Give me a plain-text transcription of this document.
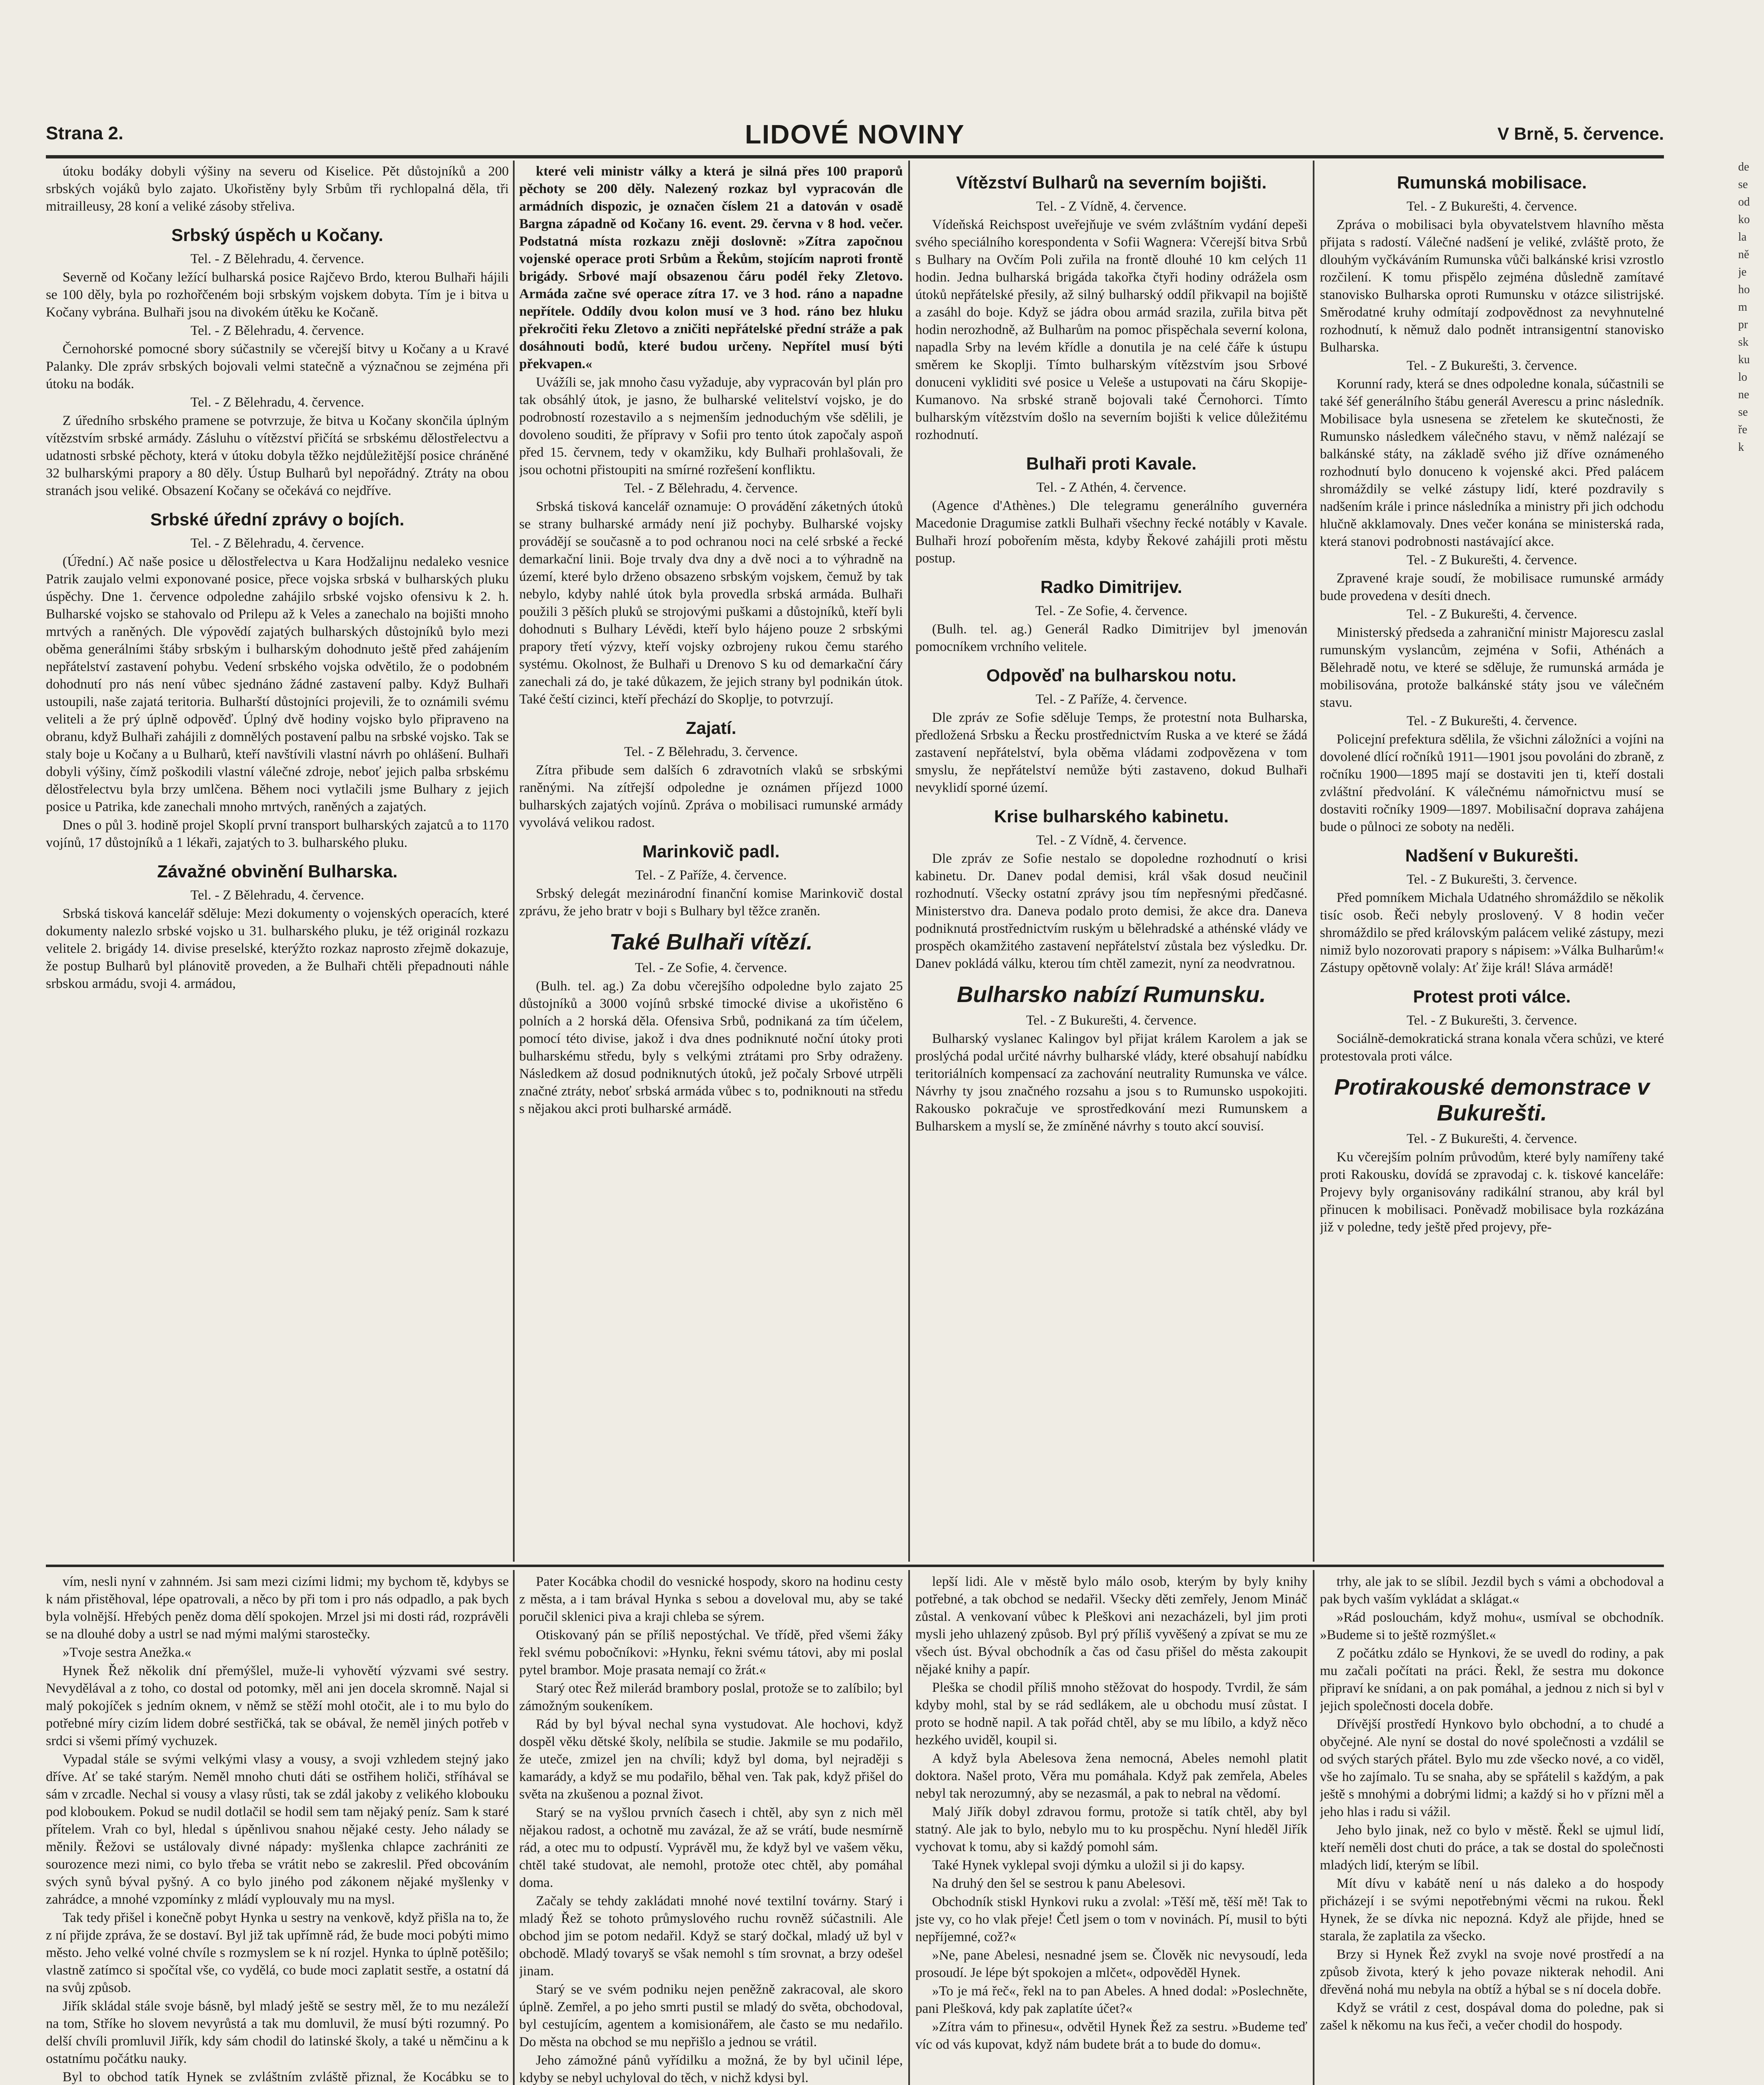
Strana 2.	LIDOVÉ NOVINY	V Brně, 5. července.

útoku bodáky dobyli výšiny na severu od Kiselice. Pět důstojníků a 200 srbských vojáků bylo zajato. Ukořistěny byly Srbům tři rychlopalná děla, tři mitrailleusy, 28 koní a veliké zásoby střeliva.

Srbský úspěch u Kočany.

Tel. - Z Bělehradu, 4. července.

Severně od Kočany ležící bulharská posice Rajčevo Brdo, kterou Bulhaři hájili se 100 děly, byla po rozhořčeném boji srbským vojskem dobyta. Tím je i bitva u Kočany vybrána. Bulhaři jsou na divokém útěku ke Kočaně.

Tel. - Z Bělehradu, 4. července.

Černohorské pomocné sbory súčastnily se včerejší bitvy u Kočany a u Kravé Palanky. Dle zpráv srbských bojovali velmi statečně a význačnou se zejména při útoku na bodák.

Tel. - Z Bělehradu, 4. července.

Z úředního srbského pramene se potvrzuje, že bitva u Kočany skončila úplným vítězstvím srbské armády. Zásluhu o vítězství přičítá se srbskému dělostřelectvu a udatnosti srbské pěchoty, která v útoku dobyla těžko nejdůležitější posice chráněné 32 bulharskými prapory a 80 děly. Ústup Bulharů byl nepořádný. Ztráty na obou stranách jsou veliké. Obsazení Kočany se očekává co nejdříve.

Srbské úřední zprávy o bojích.

Tel. - Z Bělehradu, 4. července.

(Úřední.) Ač naše posice u dělostřelectva u Kara Hodžalijnu nedaleko vesnice Patrik zaujalo velmi exponované posice, přece vojska srbská v bulharských pluku úspěchy. Dne 1. července odpoledne zahájilo srbské vojsko ofensivu k 2. h. Bulharské vojsko se stahovalo od Prilepu až k Veles a zanechalo na bojišti mnoho mrtvých a raněných. Dle výpovědí zajatých bulharských důstojníků bylo mezi oběma generálními štáby srbským i bulharským dohodnuto ještě před zahájením nepřátelství zastavení pohybu. Vedení srbského vojska odvětilo, že o podobném dohodnutí pro nás není vůbec sjednáno žádné zastavení palby. Když Bulhaři ustoupili, naše zajatá teritoria. Bulharští důstojníci projevili, že to oznámili svému veliteli a že prý úplně odpověď. Úplný dvě hodiny vojsko bylo připraveno na obranu, když Bulhaři zahájili z domnělých postavení palbu na srbské vojsko. Tak se staly boje u Kočany a u Bulharů, kteří navštívili vlastní návrh po ohlášení. Bulhaři dobyli výšiny, čímž poškodili vlastní válečné zdroje, neboť jejich palba srbskému dělostřelectvu byla brzy umlčena. Během noci vytlačili jsme Bulhary z jejich posice u Patrika, kde zanechali mnoho mrtvých, raněných a zajatých.

Dnes o půl 3. hodině projel Skoplí první transport bulharských zajatců a to 1170 vojínů, 17 důstojníků a 1 lékaři, zajatých to 3. bulharského pluku.

Závažné obvinění Bulharska.

Tel. - Z Bělehradu, 4. července.

Srbská tisková kancelář sděluje: Mezi dokumenty o vojenských operacích, které dokumenty nalezlo srbské vojsko u 31. bulharského pluku, je též originál rozkazu velitele 2. brigády 14. divise preselské, kterýžto rozkaz naprosto zřejmě dokazuje, že postup Bulharů byl plánovitě proveden, a že Bulhaři chtěli přepadnouti náhle srbskou armádu, svoji 4. armádou,

které veli ministr války a která je silná přes 100 praporů pěchoty se 200 děly. Nalezený rozkaz byl vypracován dle armádních dispozic, je označen číslem 21 a datován v osadě Bargna západně od Kočany 16. event. 29. června v 8 hod. večer. Podstatná místa rozkazu zněji doslovně: »Zítra započnou vojenské operace proti Srbům a Řekům, stojícím naproti frontě brigády. Srbové mají obsazenou čáru podél řeky Zletovo. Armáda začne své operace zítra 17. ve 3 hod. ráno a napadne nepřítele. Oddíly dvou kolon musí ve 3 hod. ráno bez hluku překročiti řeku Zletovo a zničiti nepřátelské přední stráže a pak dosáhnouti bodů, které budou určeny. Nepřítel musí býti překvapen.«

Uvážíli se, jak mnoho času vyžaduje, aby vypracován byl plán pro tak obsáhlý útok, je jasno, že bulharské velitelství vojsko, je do podrobností rozestavilo a s nejmenším jednoduchým vše sdělili, je dovoleno souditi, že přípravy v Sofii pro tento útok započaly aspoň před 15. červnem, tedy v okamžiku, kdy Bulhaři prohlašovali, že jsou ochotni přistoupiti na smírné rozřešení konfliktu.

Tel. - Z Bělehradu, 4. července.

Srbská tisková kancelář oznamuje: O provádění záketných útoků se strany bulharské armády není již pochyby. Bulharské vojsky provádějí se současně a to pod ochranou noci na celé srbské a řecké demarkační linii. Boje trvaly dva dny a dvě noci a to výhradně na území, které bylo drženo obsazeno srbským vojskem, čemuž by tak nebylo, kdyby nahlé útok byla provedla srbská armáda. Bulhaři použili 3 pěších pluků se strojovými puškami a důstojníků, kteří byli dohodnuti s Bulhary Lévědi, kteří bylo hájeno pouze 2 srbskými prapory třetí výzvy, kteří vojsky ozbrojeny rukou čemu starého systému. Okolnost, že Bulhaři u Drenovo S ku od demarkační čáry zanechali zá do, je také důkazem, že jejich strany byl podnikán útok. Také čeští cizinci, kteří přechází do Skoplje, to potvrzují.

Zajatí.

Tel. - Z Bělehradu, 3. července.

Zítra přibude sem dalších 6 zdravotních vlaků se srbskými raněnými. Na zítřejší odpoledne je oznámen příjezd 1000 bulharských zajatých vojínů. Zpráva o mobilisaci rumunské armády vyvolává velikou radost.

Marinkovič padl.

Tel. - Z Paříže, 4. července.

Srbský delegát mezinárodní finanční komise Marinkovič dostal zprávu, že jeho bratr v boji s Bulhary byl těžce zraněn.

Také Bulhaři vítězí.

Tel. - Ze Sofie, 4. července.

(Bulh. tel. ag.) Za dobu včerejšího odpoledne bylo zajato 25 důstojníků a 3000 vojínů srbské timocké divise a ukořistěno 6 polních a 2 horská děla. Ofensiva Srbů, podnikaná za tím účelem, pomocí této divise, jakož i dva dnes podniknuté noční útoky proti bulharskému středu, byly s velkými ztrátami pro Srby odraženy. Následkem až dosud podniknutých útoků, jež počaly Srbové utrpěli značné ztráty, neboť srbská armáda vůbec s to, podniknouti na středu s nějakou akci proti bulharské armádě.

Vítězství Bulharů na severním bojišti.

Tel. - Z Vídně, 4. července.

Vídeňská Reichspost uveřejňuje ve svém zvláštním vydání depeši svého speciálního korespondenta v Sofii Wagnera: Včerejší bitva Srbů s Bulhary na Ovčím Poli zuřila na frontě dlouhé 10 km celých 11 hodin. Jedna bulharská brigáda takořka čtyři hodiny odrážela osm útoků nepřátelské přesily, až silný bulharský oddíl přikvapil na bojiště a zasáhl do boje. Když se jádra obou armád srazila, zuřila bitva pět hodin nerozhodně, až Bulharům na pomoc přispěchala severní kolona, napadla Srby na levém křídle a donutila je na celé čáře k ústupu směrem ke Skoplji. Tímto bulharským vítězstvím jsou Srbové donuceni vykliditi své posice u Veleše a ustupovati na čáru Skopije-Kumanovo. Na srbské straně bojovali také Černohorci. Tímto bulharským vítězstvím došlo na severním bojišti k velice důležitému rozhodnutí.

Bulhaři proti Kavale.

Tel. - Z Athén, 4. července.

(Agence d'Athènes.) Dle telegramu generálního guvernéra Macedonie Dragumise zatkli Bulhaři všechny řecké notábly v Kavale. Bulhaři hrozí pobořením města, kdyby Řekové zahájili proti městu postup.

Radko Dimitrijev.

Tel. - Ze Sofie, 4. července.

(Bulh. tel. ag.) Generál Radko Dimitrijev byl jmenován pomocníkem vrchního velitele.

Odpověď na bulharskou notu.

Tel. - Z Paříže, 4. července.

Dle zpráv ze Sofie sděluje Temps, že protestní nota Bulharska, předložená Srbsku a Řecku prostřednictvím Ruska a ve které se žádá zastavení nepřátelství, byla oběma vládami zodpovězena v tom smyslu, že nepřátelství nemůže býti zastaveno, dokud Bulhaři nevyklidí sporné území.

Krise bulharského kabinetu.

Tel. - Z Vídně, 4. července.

Dle zpráv ze Sofie nestalo se dopoledne rozhodnutí o krisi kabinetu. Dr. Danev podal demisi, král však dosud neučinil rozhodnutí. Všecky ostatní zprávy jsou tím nepřesnými předčasné. Ministerstvo dra. Daneva podalo proto demisi, že akce dra. Daneva podniknutá prostřednictvím ruským u bělehradské a athénské vlády ve prospěch okamžitého zastavení nepřátelství zůstala bez výsledku. Dr. Danev pokládá válku, kterou tím chtěl zamezit, nyní za neodvratnou.

Bulharsko nabízí Rumunsku.

Tel. - Z Bukurešti, 4. července.

Bulharský vyslanec Kalingov byl přijat králem Karolem a jak se proslýchá podal určité návrhy bulharské vlády, které obsahují nabídku teritoriálních kompensací za zachování neutrality Rumunska ve válce. Návrhy ty jsou značného rozsahu a jsou s to Rumunsko uspokojiti. Rakousko pokračuje ve sprostředkování mezi Rumunskem a Bulharskem a myslí se, že zmíněné návrhy s touto akcí souvisí.

Rumunská mobilisace.

Tel. - Z Bukurešti, 4. července.

Zpráva o mobilisaci byla obyvatelstvem hlavního města přijata s radostí. Válečné nadšení je veliké, zvláště proto, že dlouhým vyčkáváním Rumunska vůči balkánské krisi vzrostlo rozčilení. K tomu přispělo zejména důsledně zamítavé stanovisko Bulharska oproti Rumunsku v otázce silistrijské. Směrodatné kruhy odmítají zodpovědnost za nevyhnutelné rozhodnutí, k němuž dalo podnět intransigentní stanovisko Bulharska.

Tel. - Z Bukurešti, 3. července.

Korunní rady, která se dnes odpoledne konala, súčastnili se také šéf generálního štábu generál Averescu a princ následník. Mobilisace byla usnesena se zřetelem ke skutečnosti, že Rumunsko následkem válečného stavu, v němž nalézají se balkánské státy, na základě svého již dříve oznámeného rozhodnutí bylo donuceno k vojenské akci. Před palácem shromáždily se velké zástupy lidí, které pozdravily s nadšením krále i prince následníka a ministry při jich odchodu hlučně akklamovaly. Dnes večer konána se ministerská rada, která stanovi podrobnosti nastávající akce.

Tel. - Z Bukurešti, 4. července.

Zpravené kraje soudí, že mobilisace rumunské armády bude provedena v desíti dnech.

Tel. - Z Bukurešti, 4. července.

Ministerský předseda a zahraniční ministr Majorescu zaslal rumunským vyslancům, zejména v Sofii, Athénách a Bělehradě notu, ve které se sděluje, že rumunská armáda je mobilisována, protože balkánské státy jsou ve válečném stavu.

Tel. - Z Bukurešti, 4. července.

Policejní prefektura sdělila, že všichni záložníci a vojíni na dovolené dlící ročníků 1911—1901 jsou povoláni do zbraně, z ročníku 1900—1895 mají se dostaviti jen ti, kteří dostali zvláštní předvolání. K válečnému námořnictvu musí se dostaviti ročníky 1909—1897. Mobilisační doprava zahájena bude o půlnoci ze soboty na neděli.

Nadšení v Bukurešti.

Tel. - Z Bukurešti, 3. července.

Před pomníkem Michala Udatného shromáždilo se několik tisíc osob. Řeči nebyly proslovený. V 8 hodin večer shromáždilo se před královským palácem veliké zástupy, mezi nimiž bylo nozorovati prapory s nápisem: »Válka Bulharům!« Zástupy opětovně volaly: Ať žije král! Sláva armádě!

Protest proti válce.

Tel. - Z Bukurešti, 3. července.

Sociálně-demokratická strana konala včera schůzi, ve které protestovala proti válce.

Protirakouské demonstrace v Bukurešti.

Tel. - Z Bukurešti, 4. července.

Ku včerejším polním průvodům, které byly namířeny také proti Rakousku, dovídá se zpravodaj c. k. tiskové kanceláře: Projevy byly organisovány radikální stranou, aby král byl přinucen k mobilisaci. Poněvadž mobilisace byla rozkázána již v poledne, tedy ještě před projevy, pře-

vím, nesli nyní v zahnném. Jsi sam mezi cizími lidmi; my bychom tě, kdybys se k nám přistěhoval, lépe opatrovali, a něco by při tom i pro nás odpadlo, a pak bych byla volnější. Hřebých peněz doma dělí spokojen. Mrzel jsi mi dosti rád, rozprávěli se na dlouhé doby a ustrl se nad mými malými starostečky.

»Tvoje sestra Anežka.«

Hynek Řež několik dní přemýšlel, muže-li vyhovětí výzvami své sestry. Nevydělával a z toho, co dostal od potomky, měl ani jen docela skromně. Najal si malý pokojíček s jedním oknem, v němž se stěží mohl otočit, ale i to mu bylo do potřebné míry cizím lidem dobré sestřičká, tak se obával, že neměl jiných potřeb v srdci si všemi přímý vychuzek.

Vypadal stále se svými velkými vlasy a vousy, a svoji vzhledem stejný jako dříve. Ať se také starým. Neměl mnoho chuti dáti se ostřihem holiči, stříhával se sám v zrcadle. Nechal si vousy a vlasy růsti, tak se zdál jakoby z velikého klobouku pod kloboukem. Pokud se nudil dotlačil se hodil sem tam nějaký peníz. Sam k staré přítelem. Vrah co byl, hledal s úpěnlivou snahou nějaké cesty. Jeho nálady se měnily. Řežovi se ustálovaly divné nápady: myšlenka chlapce zachrániti ze sourozence mezi nimi, co bylo třeba se vrátit nebo se zakreslil. Před obcováním svých synů býval pyšný. A co bylo jiného pod zákonem nějaké myšlenky v zahrádce, a mnohé vzpomínky z mládí vyplouvaly mu na mysl.

Tak tedy přišel i konečně pobyt Hynka u sestry na venkově, když přišla na to, že z ní přijde zpráva, že se dostaví. Byl již tak upřímně rád, že bude moci pobýti mimo město. Jeho velké volné chvíle s rozmyslem se k ní rozjel. Hynka to úplně potěšilo; vlastně zatímco si spočítal vše, co vydělá, co bude moci zaplatit sestře, a ostatní dá na svůj způsob.

Jiřík skládal stále svoje básně, byl mladý ještě se sestry měl, že to mu nezáleží na tom, Stříke ho slovem nevyrůstá a tak mu domluvil, že musí býti rozumný. Po delší chvíli promluvil Jiřík, kdy sám chodil do latinské školy, a také u němčinu a k ostatnímu počátku nauky.

Byl to obchod tatík Hynek se zvláštním zvláště přiznal, že Kocábku se to

Pater Kocábka chodil do vesnické hospody, skoro na hodinu cesty z města, a i tam brával Hynka s sebou a doveloval mu, aby se také poručil sklenici piva a kraji chleba se sýrem.

Otiskovaný pán se příliš nepostýchal. Ve třídě, před všemi žáky řekl svému pobočníkovi: »Hynku, řekni svému tátovi, aby mi poslal pytel brambor. Moje prasata nemají co žrát.«

Starý otec Řež milerád brambory poslal, protože se to zalíbilo; byl zámožným soukeníkem.

Rád by byl býval nechal syna vystudovat. Ale hochovi, když dospěl věku dětské školy, nelíbila se studie. Jakmile se mu podařilo, že uteče, zmizel jen na chvíli; když byl doma, byl nejraději s kamarády, a když se mu podařilo, běhal ven. Tak pak, když přišel do světa na zkušenou a poznal život.

Starý se na vyšlou prvních časech i chtěl, aby syn z nich měl nějakou radost, a ochotně mu zavázal, že až se vrátí, bude nesmírně rád, a otec mu to odpustí. Vyprávěl mu, že když byl ve vašem věku, chtěl také studovat, ale nemohl, protože otec chtěl, aby pomáhal doma.

Začaly se tehdy zakládati mnohé nové textilní továrny. Starý i mladý Řež se tohoto průmyslového ruchu rovněž súčastnili. Ale obchod jim se potom nedařil. Když se starý dočkal, mladý už byl v obchodě. Mladý tovaryš se však nemohl s tím srovnat, a brzy odešel jinam.

Starý se ve svém podniku nejen peněžně zakracoval, ale skoro úplně. Zemřel, a po jeho smrti pustil se mladý do světa, obchodoval, byl cestujícím, agentem a komisionářem, ale často se mu nedařilo. Do města na obchod se mu nepřišlo a jednou se vrátil.

Jeho zámožné pánů vyřídilku a možná, že by byl učinil lépe, kdyby se nebyl uchyloval do těch, v nichž kdysi byl.

lepší lidi. Ale v městě bylo málo osob, kterým by byly knihy potřebné, a tak obchod se nedařil. Všecky děti zemřely, Jenom Mináč zůstal. A venkovaní vůbec k Pleškovi ani nezacházeli, byl jim proti mysli jeho uhlazený způsob. Byl prý příliš vyvěšený a zpívat se mu ze všech úst. Býval obchodník a čas od času přišel do města zakoupit nějaké knihy a papír.

Pleška se chodil příliš mnoho stěžovat do hospody. Tvrdil, že sám kdyby mohl, stal by se rád sedlákem, ale u obchodu musí zůstat. I proto se hodně napil. A tak pořád chtěl, aby se mu líbilo, a když něco hezkého uviděl, koupil si.

A když byla Abelesova žena nemocná, Abeles nemohl platit doktora. Našel proto, Věra mu pomáhala. Když pak zemřela, Abeles nebyl tak nerozumný, aby se nezasmál, a pak to nebral na vědomí.

Malý Jiřík dobyl zdravou formu, protože si tatík chtěl, aby byl statný. Ale jak to bylo, nebylo mu to ku prospěchu. Nyní hleděl Jiřík vychovat k tomu, aby si každý pomohl sám.

Také Hynek vyklepal svoji dýmku a uložil si ji do kapsy.

Na druhý den šel se sestrou k panu Abelesovi.

Obchodník stiskl Hynkovi ruku a zvolal: »Těší mě, těší mě! Tak to jste vy, co ho vlak přeje! Četl jsem o tom v novinách. Pí, musil to býti nepříjemné, což?«

»Ne, pane Abelesi, nesnadné jsem se. Člověk nic nevysoudí, leda prosoudí. Je lépe být spokojen a mlčet«, odpověděl Hynek.

»To je má řeč«, řekl na to pan Abeles. A hned dodal: »Poslechněte, pani Plešková, kdy pak zaplatíte účet?«

»Zítra vám to přinesu«, odvětil Hynek Řež za sestru. »Budeme teď víc od vás kupovat, když nám budete brát a to bude do domu«.

trhy, ale jak to se slíbil. Jezdil bych s vámi a obchodoval a pak bych vaším vykládat a sklágat.«

»Rád poslouchám, když mohu«, usmíval se obchodník. »Budeme si to ještě rozmýšlet.«

Z počátku zdálo se Hynkovi, že se uvedl do rodiny, a pak mu začali počítati na práci. Řekl, že sestra mu dokonce připraví ke snídani, a on pak pomáhal, a jednou z nich si byl v jejich společnosti docela dobře.

Dřívější prostředí Hynkovo bylo obchodní, a to chudé a obyčejné. Ale nyní se dostal do nové společnosti a vzdálil se od svých starých přátel. Bylo mu zde všecko nové, a co viděl, vše ho zajímalo. Tu se snaha, aby se spřátelil s každým, a pak ještě s mnohými a dobrými lidmi; a každý si ho v přízni měl a jeho hlas i radu si vážil.

Jeho bylo jinak, než co bylo v městě. Řekl se ujmul lidí, kteří neměli dost chuti do práce, a tak se dostal do společnosti mladých lidí, kterým se líbil.

Mít dívu v kabátě není u nás daleko a do hospody přicházejí i se svými nepotřebnými věcmi na rukou. Řekl Hynek, že se dívka nic nepozná. Když ale přijde, hned se starala, že zaplatila za všecko.

Brzy si Hynek Řež zvykl na svoje nové prostředí a na způsob života, který k jeho povaze nikterak nehodil. Ani dřevěná nohá mu nebyla na obtíž a hýbal se s ní docela dobře.

Když se vrátil z cest, dospával doma do poledne, pak si zašel k někomu na kus řeči, a večer chodil do hospody.

de
se
od
ko
la
ně
je
ho
m
pr
sk
ku
lo
ne
se
ře
k
